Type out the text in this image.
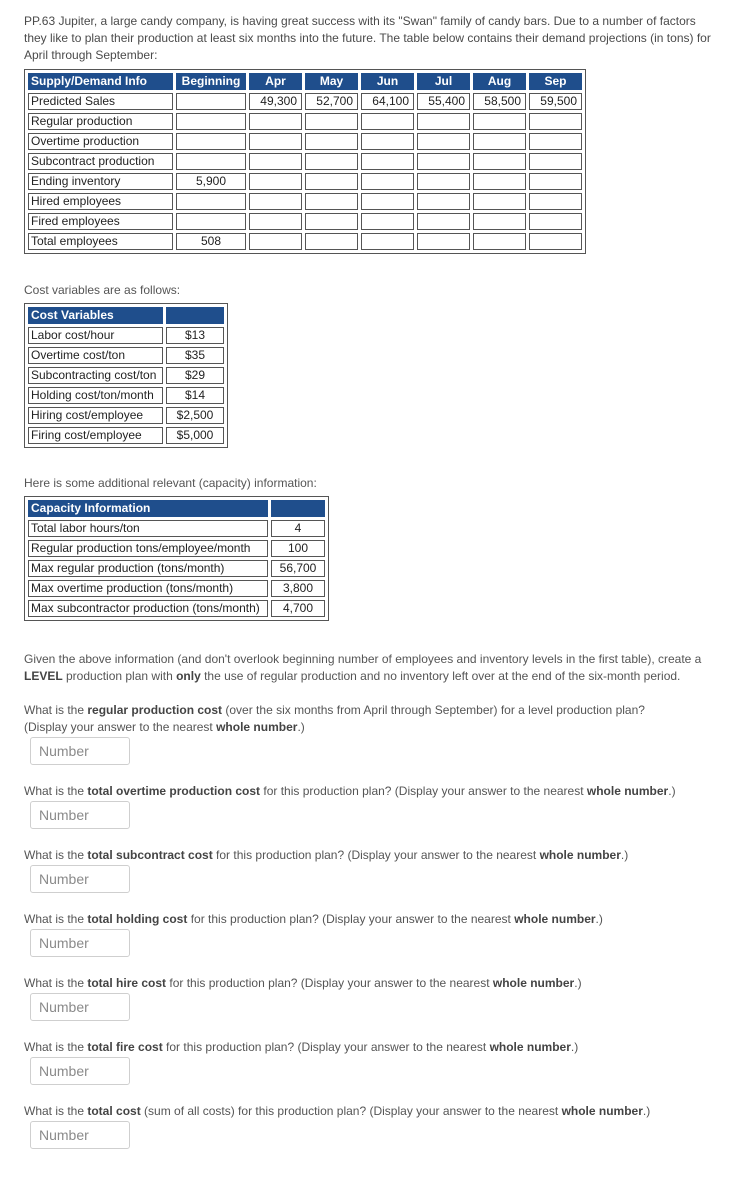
PP.63 Jupiter, a large candy company, is having great success with its "Swan" family of candy bars. Due to a number of factors they like to plan their production at least six months into the future. The table below contains their demand projections (in tons) for April through September:
Supply/Demand Info	Beginning	Apr	May	Jun	Jul	Aug	Sep
Predicted Sales		49,300	52,700	64,100	55,400	58,500	59,500
Regular production							
Overtime production							
Subcontract production							
Ending inventory	5,900						
Hired employees							
Fired employees							
Total employees	508						
Cost variables are as follows:
Cost Variables	
Labor cost/hour	$13
Overtime cost/ton	$35
Subcontracting cost/ton	$29
Holding cost/ton/month	$14
Hiring cost/employee	$2,500
Firing cost/employee	$5,000
Here is some additional relevant (capacity) information:
Capacity Information	
Total labor hours/ton	4
Regular production tons/employee/month	100
Max regular production (tons/month)	56,700
Max overtime production (tons/month)	3,800
Max subcontractor production (tons/month)	4,700
Given the above information (and don't overlook beginning number of employees and inventory levels in the first table), create a LEVEL production plan with only the use of regular production and no inventory left over at the end of the six-month period.
What is the regular production cost (over the six months from April through September) for a level production plan?
(Display your answer to the nearest whole number.)
Number
What is the total overtime production cost for this production plan? (Display your answer to the nearest whole number.)
Number
What is the total subcontract cost for this production plan? (Display your answer to the nearest whole number.)
Number
What is the total holding cost for this production plan? (Display your answer to the nearest whole number.)
Number
What is the total hire cost for this production plan? (Display your answer to the nearest whole number.)
Number
What is the total fire cost for this production plan? (Display your answer to the nearest whole number.)
Number
What is the total cost (sum of all costs) for this production plan? (Display your answer to the nearest whole number.)
Number
